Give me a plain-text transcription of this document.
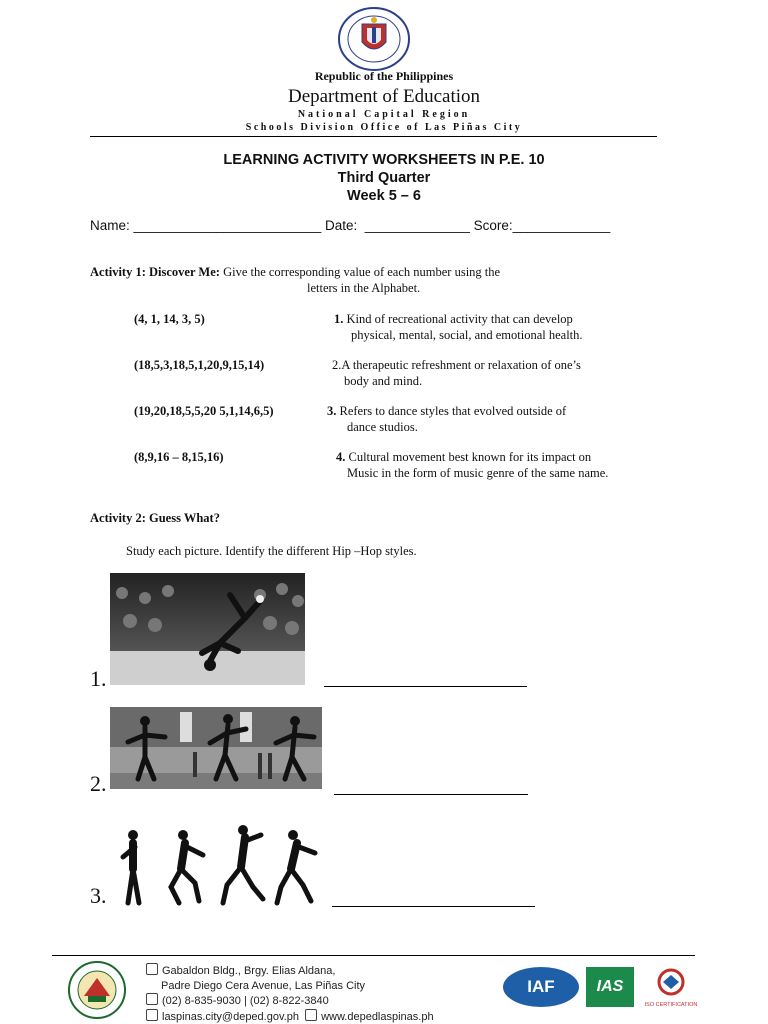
Republic of the Philippines
Department of Education
National Capital Region
Schools Division Office of Las Piñas City
LEARNING ACTIVITY WORKSHEETS IN P.E. 10
Third Quarter
Week 5 – 6
Name: _________________________ Date:  ______________ Score:_____________
Activity 1: Discover Me: Give the corresponding value of each number using the
letters in the Alphabet.
(4, 1, 14, 3, 5)	1. Kind of recreational activity that can develop
physical, mental, social, and emotional health.
(18,5,3,18,5,1,20,9,15,14)	2.A therapeutic refreshment or relaxation of one’s
body and mind.
(19,20,18,5,5,20 5,1,14,6,5)	3. Refers to dance styles that evolved outside of
dance studios.
(8,9,16 – 8,15,16)	4. Cultural movement best known for its impact on
Music in the form of music genre of the same name.
Activity 2: Guess What?
Study each picture. Identify the different Hip –Hop styles.
1.
2.
3.
Gabaldon Bldg., Brgy. Elias Aldana,
Padre Diego Cera Avenue, Las Piñas City
(02) 8-835-9030 | (02) 8-822-3840
laspinas.city@deped.gov.ph www.depedlaspinas.ph
IAF	IAS
ISO CERTIFICATION
